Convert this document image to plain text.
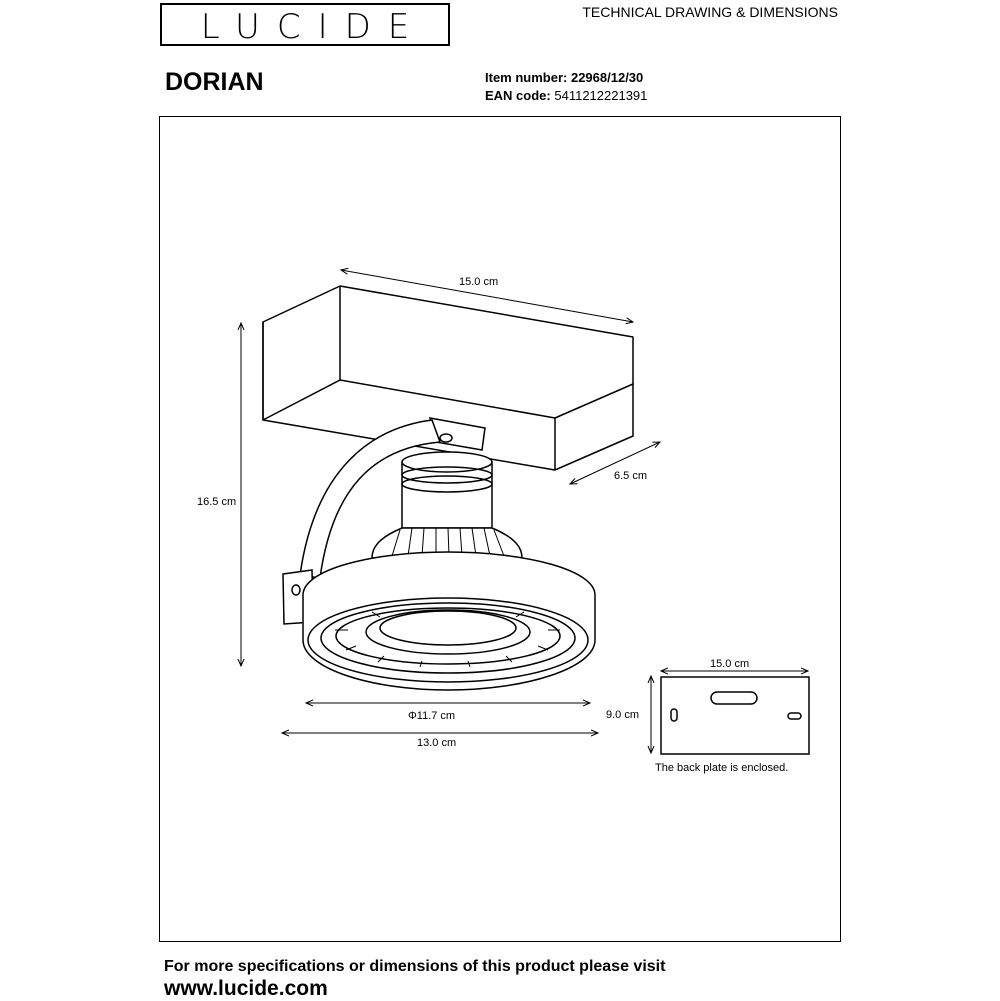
LUCIDE	TECHNICAL DRAWING & DIMENSIONS
DORIAN	Item number: 22968/12/30
EAN code: 5411212221391
15.0 cm
6.5 cm
16.5 cm
Φ11.7 cm
13.0 cm
15.0 cm
9.0 cm
The back plate is enclosed.
For more specifications or dimensions of this product please visit
www.lucide.com
